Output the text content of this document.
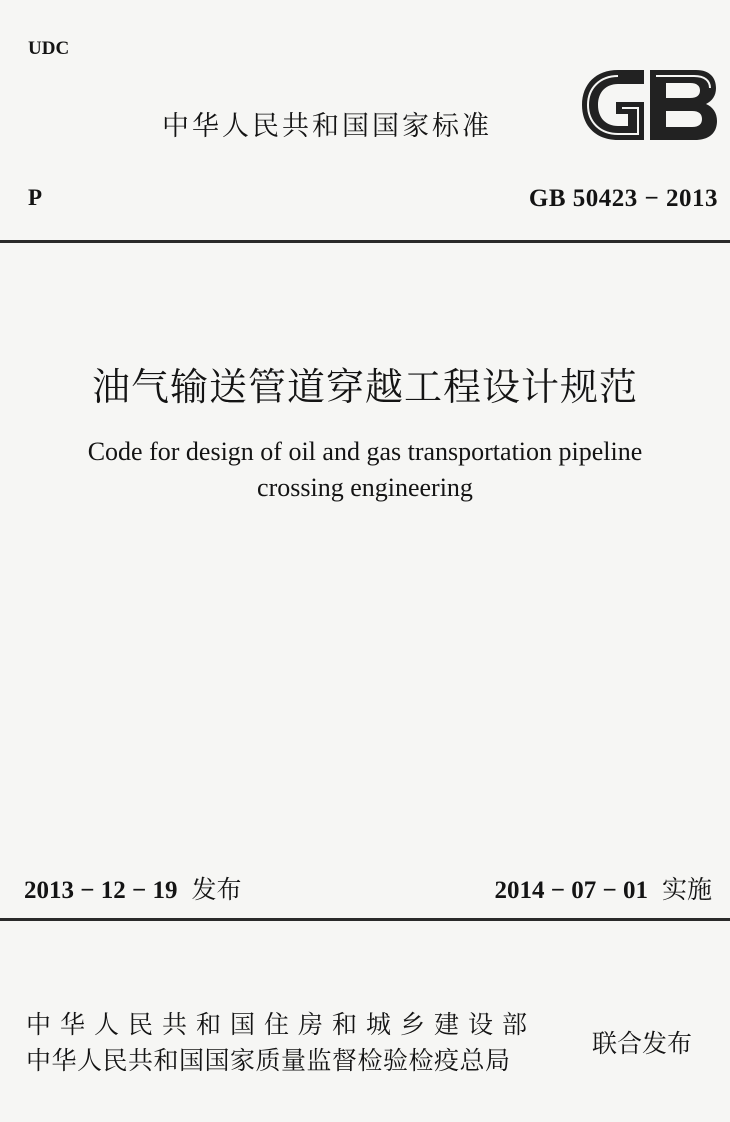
UDC
中华人民共和国国家标准
P	GB 50423 − 2013
油气输送管道穿越工程设计规范
Code for design of oil and gas transportation pipeline
crossing engineering
2013 − 12 − 19 发布	2014 − 07 − 01 实施
中华人民共和国住房和城乡建设部
中华人民共和国国家质量监督检验检疫总局
联合发布
